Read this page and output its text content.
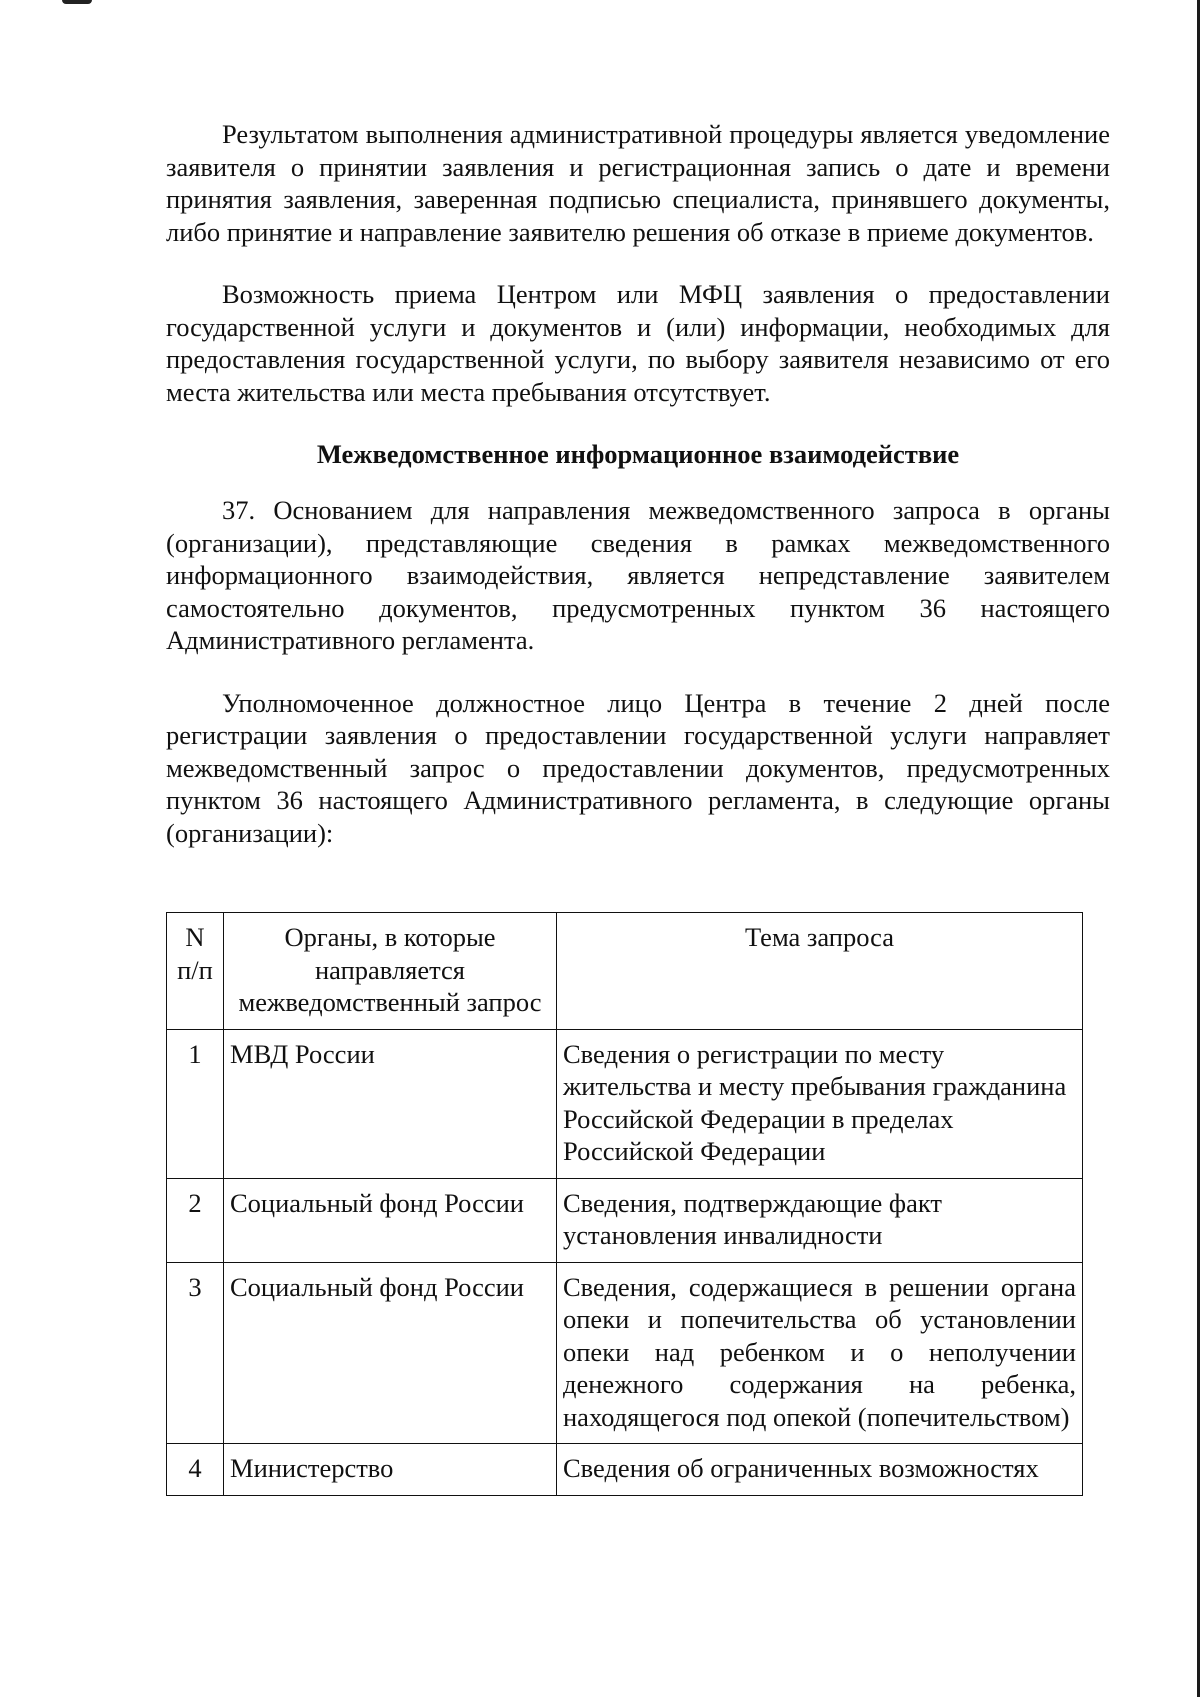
Результатом выполнения административной процедуры является уведомление заявителя о принятии заявления и регистрационная запись о дате и времени принятия заявления, заверенная подписью специалиста, принявшего документы, либо принятие и направление заявителю решения об отказе в приеме документов.

Возможность приема Центром или МФЦ заявления о предоставлении государственной услуги и документов и (или) информации, необходимых для предоставления государственной услуги, по выбору заявителя независимо от его места жительства или места пребывания отсутствует.

Межведомственное информационное взаимодействие

37. Основанием для направления межведомственного запроса в органы (организации), представляющие сведения в рамках межведомственного информационного взаимодействия, является непредставление заявителем самостоятельно документов, предусмотренных пунктом 36 настоящего Административного регламента.

Уполномоченное должностное лицо Центра в течение 2 дней после регистрации заявления о предоставлении государственной услуги направляет межведомственный запрос о предоставлении документов, предусмотренных пунктом 36 настоящего Административного регламента, в следующие органы (организации):

N п/п	Органы, в которые направляется межведомственный запрос	Тема запроса
1	МВД России	Сведения о регистрации по месту жительства и месту пребывания гражданина Российской Федерации в пределах Российской Федерации
2	Социальный фонд России	Сведения, подтверждающие факт установления инвалидности
3	Социальный фонд России	Сведения, содержащиеся в решении органа опеки и попечительства об установлении опеки над ребенком и о неполучении денежного содержания на ребенка, находящегося под опекой (попечительством)
4	Министерство	Сведения об ограниченных возможностях
